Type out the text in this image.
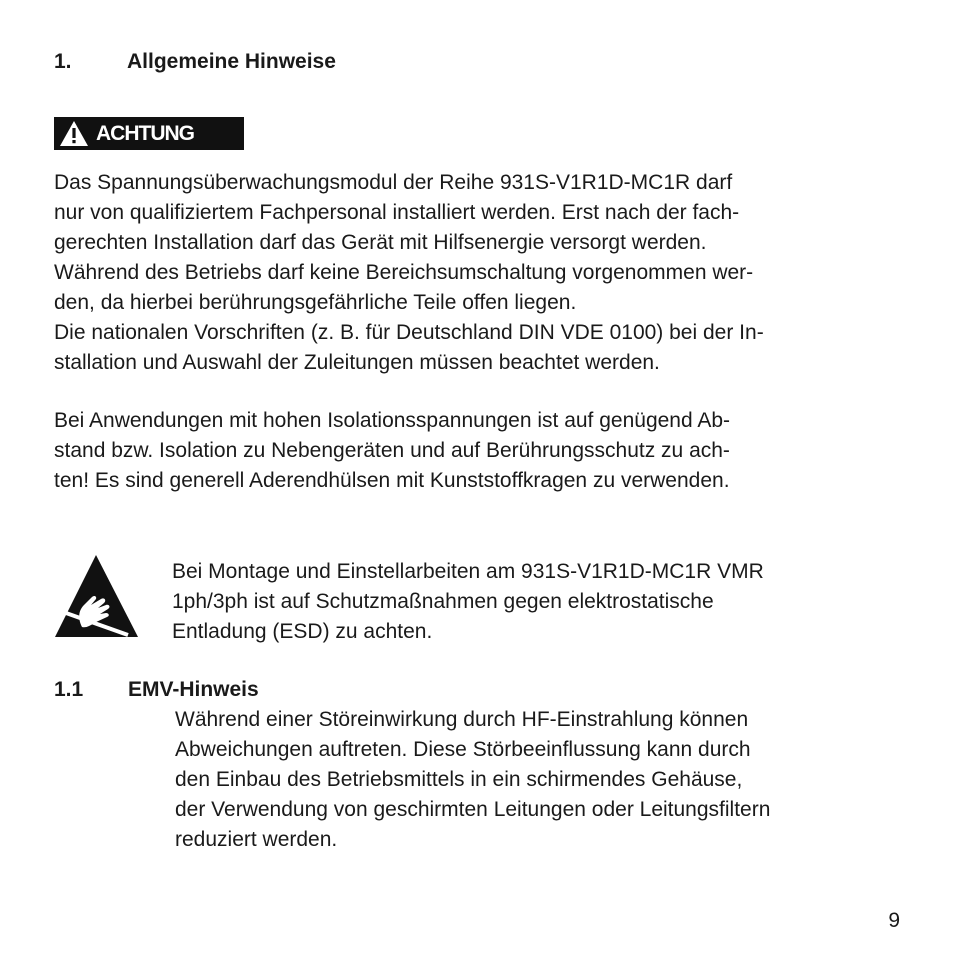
1.	Allgemeine Hinweise
ACHTUNG
Das Spannungsüberwachungsmodul der Reihe 931S-V1R1D-MC1R darf
nur von qualifiziertem Fachpersonal installiert werden. Erst nach der fach-
gerechten Installation darf das Gerät mit Hilfsenergie versorgt werden.
Während des Betriebs darf keine Bereichsumschaltung vorgenommen wer-
den, da hierbei berührungsgefährliche Teile offen liegen.
Die nationalen Vorschriften (z. B. für Deutschland DIN VDE 0100) bei der In-
stallation und Auswahl der Zuleitungen müssen beachtet werden.
Bei Anwendungen mit hohen Isolationsspannungen ist auf genügend Ab-
stand bzw. Isolation zu Nebengeräten und auf Berührungsschutz zu ach-
ten! Es sind generell Aderendhülsen mit Kunststoffkragen zu verwenden.
Bei Montage und Einstellarbeiten am 931S-V1R1D-MC1R VMR
1ph/3ph ist auf Schutzmaßnahmen gegen elektrostatische
Entladung (ESD) zu achten.
1.1 EMV-Hinweis
Während einer Störeinwirkung durch HF-Einstrahlung können
Abweichungen auftreten. Diese Störbeeinflussung kann durch
den Einbau des Betriebsmittels in ein schirmendes Gehäuse,
der Verwendung von geschirmten Leitungen oder Leitungsfiltern
reduziert werden.
9
